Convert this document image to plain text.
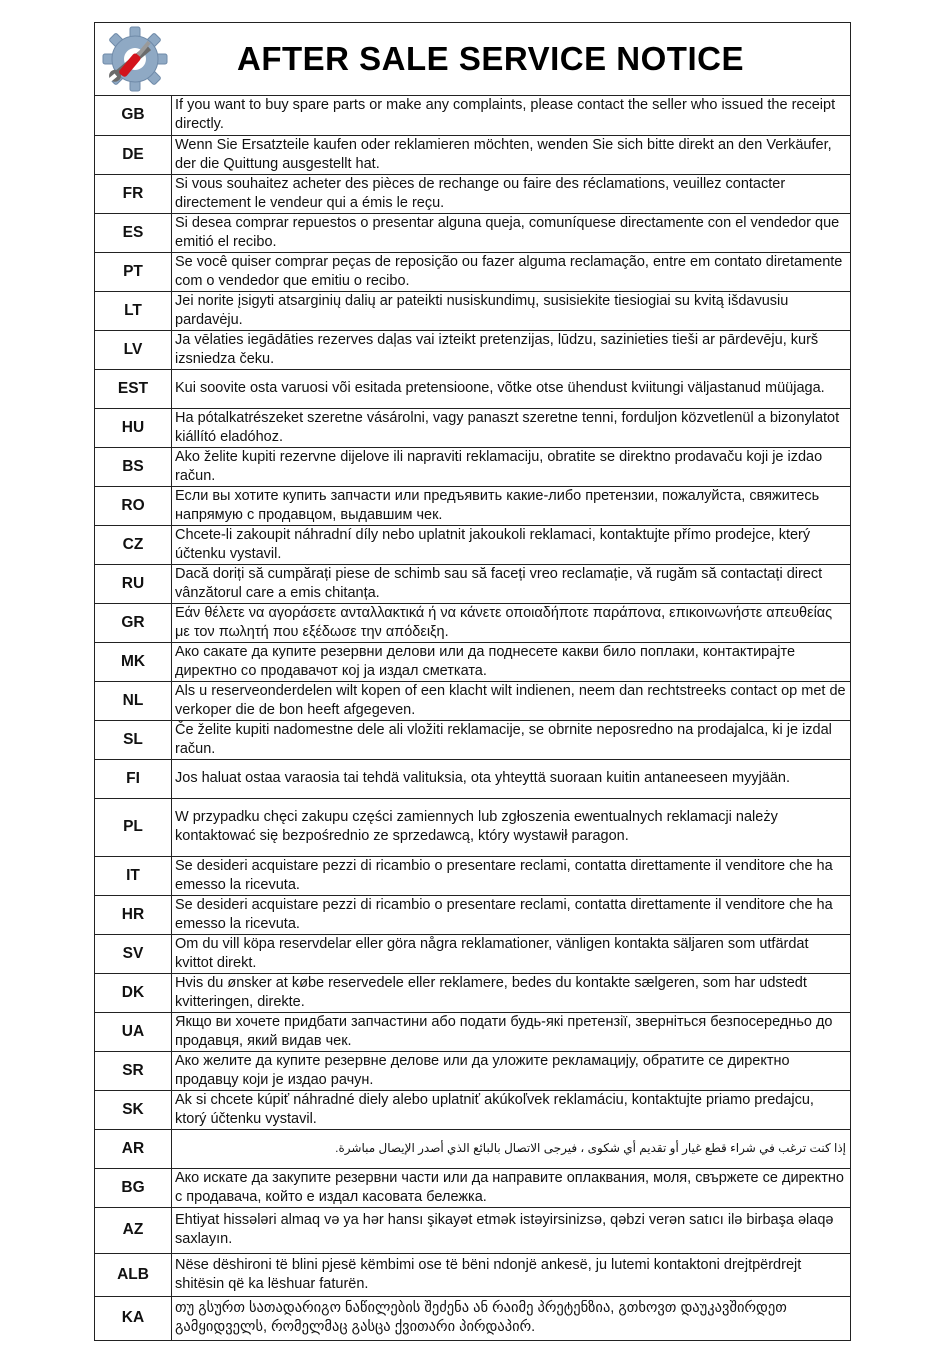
AFTER SALE SERVICE NOTICE
GB	If you want to buy spare parts or make any complaints, please contact the seller who issued the receipt directly.
DE	Wenn Sie Ersatzteile kaufen oder reklamieren möchten, wenden Sie sich bitte direkt an den Verkäufer, der die Quittung ausgestellt hat.
FR	Si vous souhaitez acheter des pièces de rechange ou faire des réclamations, veuillez contacter directement le vendeur qui a émis le reçu.
ES	Si desea comprar repuestos o presentar alguna queja, comuníquese directamente con el vendedor que emitió el recibo.
PT	Se você quiser comprar peças de reposição ou fazer alguma reclamação, entre em contato diretamente com o vendedor que emitiu o recibo.
LT	Jei norite įsigyti atsarginių dalių ar pateikti nusiskundimų, susisiekite tiesiogiai su kvitą išdavusiu pardavėju.
LV	Ja vēlaties iegādāties rezerves daļas vai izteikt pretenzijas, lūdzu, sazinieties tieši ar pārdevēju, kurš izsniedza čeku.
EST	Kui soovite osta varuosi või esitada pretensioone, võtke otse ühendust kviitungi väljastanud müüjaga.
HU	Ha pótalkatrészeket szeretne vásárolni, vagy panaszt szeretne tenni, forduljon közvetlenül a bizonylatot kiállító eladóhoz.
BS	Ako želite kupiti rezervne dijelove ili napraviti reklamaciju, obratite se direktno prodavaču koji je izdao račun.
RO	Если вы хотите купить запчасти или предъявить какие-либо претензии, пожалуйста, свяжитесь напрямую с продавцом, выдавшим чек.
CZ	Chcete-li zakoupit náhradní díly nebo uplatnit jakoukoli reklamaci, kontaktujte přímo prodejce, který účtenku vystavil.
RU	Dacă doriți să cumpărați piese de schimb sau să faceți vreo reclamație, vă rugăm să contactați direct vânzătorul care a emis chitanța.
GR	Εάν θέλετε να αγοράσετε ανταλλακτικά ή να κάνετε οποιαδήποτε παράπονα, επικοινωνήστε απευθείας με τον πωλητή που εξέδωσε την απόδειξη.
MK	Ако сакате да купите резервни делови или да поднесете какви било поплаки, контактирајте директно со продавачот кој ја издал сметката.
NL	Als u reserveonderdelen wilt kopen of een klacht wilt indienen, neem dan rechtstreeks contact op met de verkoper die de bon heeft afgegeven.
SL	Če želite kupiti nadomestne dele ali vložiti reklamacije, se obrnite neposredno na prodajalca, ki je izdal račun.
FI	Jos haluat ostaa varaosia tai tehdä valituksia, ota yhteyttä suoraan kuitin antaneeseen myyjään.
PL	W przypadku chęci zakupu części zamiennych lub zgłoszenia ewentualnych reklamacji należy kontaktować się bezpośrednio ze sprzedawcą, który wystawił paragon.
IT	Se desideri acquistare pezzi di ricambio o presentare reclami, contatta direttamente il venditore che ha emesso la ricevuta.
HR	Se desideri acquistare pezzi di ricambio o presentare reclami, contatta direttamente il venditore che ha emesso la ricevuta.
SV	Om du vill köpa reservdelar eller göra några reklamationer, vänligen kontakta säljaren som utfärdat kvittot direkt.
DK	Hvis du ønsker at købe reservedele eller reklamere, bedes du kontakte sælgeren, som har udstedt kvitteringen, direkte.
UA	Якщо ви хочете придбати запчастини або подати будь-які претензії, зверніться безпосередньо до продавця, який видав чек.
SR	Ако желите да купите резервне делове или да уложите рекламацију, обратите се директно продавцу који је издао рачун.
SK	Ak si chcete kúpiť náhradné diely alebo uplatniť akúkoľvek reklamáciu, kontaktujte priamo predajcu, ktorý účtenku vystavil.
AR	إذا كنت ترغب في شراء قطع غيار أو تقديم أي شكوى ، فيرجى الاتصال بالبائع الذي أصدر الإيصال مباشرة.
BG	Ако искате да закупите резервни части или да направите оплаквания, моля, свържете се директно с продавача, който е издал касовата бележка.
AZ	Ehtiyat hissələri almaq və ya hər hansı şikayət etmək istəyirsinizsə, qəbzi verən satıcı ilə birbaşa əlaqə saxlayın.
ALB	Nëse dëshironi të blini pjesë këmbimi ose të bëni ndonjë ankesë, ju lutemi kontaktoni drejtpërdrejt shitësin që ka lëshuar faturën.
KA	თუ გსურთ სათადარიგო ნაწილების შეძენა ან რაიმე პრეტენზია, გთხოვთ დაუკავშირდეთ გამყიდველს, რომელმაც გასცა ქვითარი პირდაპირ.
